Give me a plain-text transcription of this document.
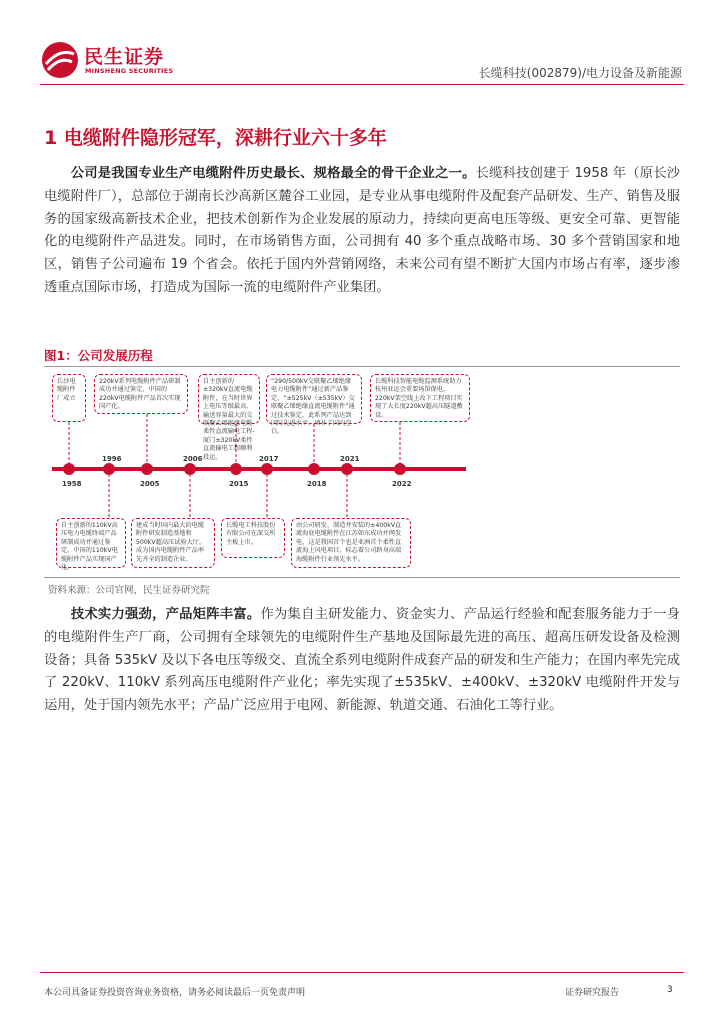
民生证券
MINSHENG SECURITIES	长缆科技(002879)/电力设备及新能源
1 电缆附件隐形冠军，深耕行业六十多年
  公司是我国专业生产电缆附件历史最长、规格最全的骨干企业之一。长缆科技创建于 1958 年（原长沙电缆附件厂），总部位于湖南长沙高新区麓谷工业园，是专业从事电缆附件及配套产品研发、生产、销售及服务的国家级高新技术企业，把技术创新作为企业发展的原动力，持续向更高电压等级、更安全可靠、更智能化的电缆附件产品进发。同时，在市场销售方面，公司拥有 40 多个重点战略市场、30 多个营销国家和地区，销售子公司遍布 19 个省会。依托于国内外营销网络，未来公司有望不断扩大国内市场占有率，逐步渗透重点国际市场，打造成为国际一流的电缆附件产业集团。
图1：公司发展历程
1996	2006	2017	2021
1958	2005	2015	2018	2022
长沙电缆附件厂成立
220kV系列电缆附件产品研制成功并通过鉴定，中国的220kV电缆附件产品首次实现国产化。
自主创新的±320kV直流电缆附件，在当时世界上电压等级最高、输送容量最大的交联聚乙烯绝缘电缆柔性直流输电工程-厦门±320kV柔性直流输电工程顺利投运。
“290/500kV交联聚乙烯绝缘电力电缆附件”通过新产品鉴定，“±525kV（±535kV）交联聚乙烯绝缘直流电缆附件”通过技术鉴定，此系列产品达到国际先进水平，填补了国内空白。
长缆科技智能电缆监测系统助力杭州亚运会重要场馆保电，220kV架空线上改下工程项目实现了大长度220kV超高压隧道敷设。
自主创新的110kV高压电力电缆终端产品研制成功并通过鉴定，中国的110kV电缆附件产品实现国产化。
建成当时国内最大的电缆附件研发制造基地和500kV超高压试验大厅，成为国内电缆附件产品率先齐全的制造企业。
长缆电工科技股份有限公司在深交所主板上市。
由公司研发、制造并安装的±400kV直流海底电缆附件在江苏如东成功并网发电，这是我国首个也是亚洲首个柔性直流海上风电项目，标志着公司跻身高端海缆附件行业领先水平。
资料来源：公司官网，民生证券研究院
  技术实力强劲，产品矩阵丰富。作为集自主研发能力、资金实力、产品运行经验和配套服务能力于一身的电缆附件生产厂商，公司拥有全球领先的电缆附件生产基地及国际最先进的高压、超高压研发设备及检测设备；具备 535kV 及以下各电压等级交、直流全系列电缆附件成套产品的研发和生产能力；在国内率先完成了 220kV、110kV 系列高压电缆附件产业化；率先实现了±535kV、±400kV、±320kV 电缆附件开发与运用，处于国内领先水平；产品广泛应用于电网、新能源、轨道交通、石油化工等行业。
本公司具备证券投资咨询业务资格，请务必阅读最后一页免责声明	证券研究报告	3
